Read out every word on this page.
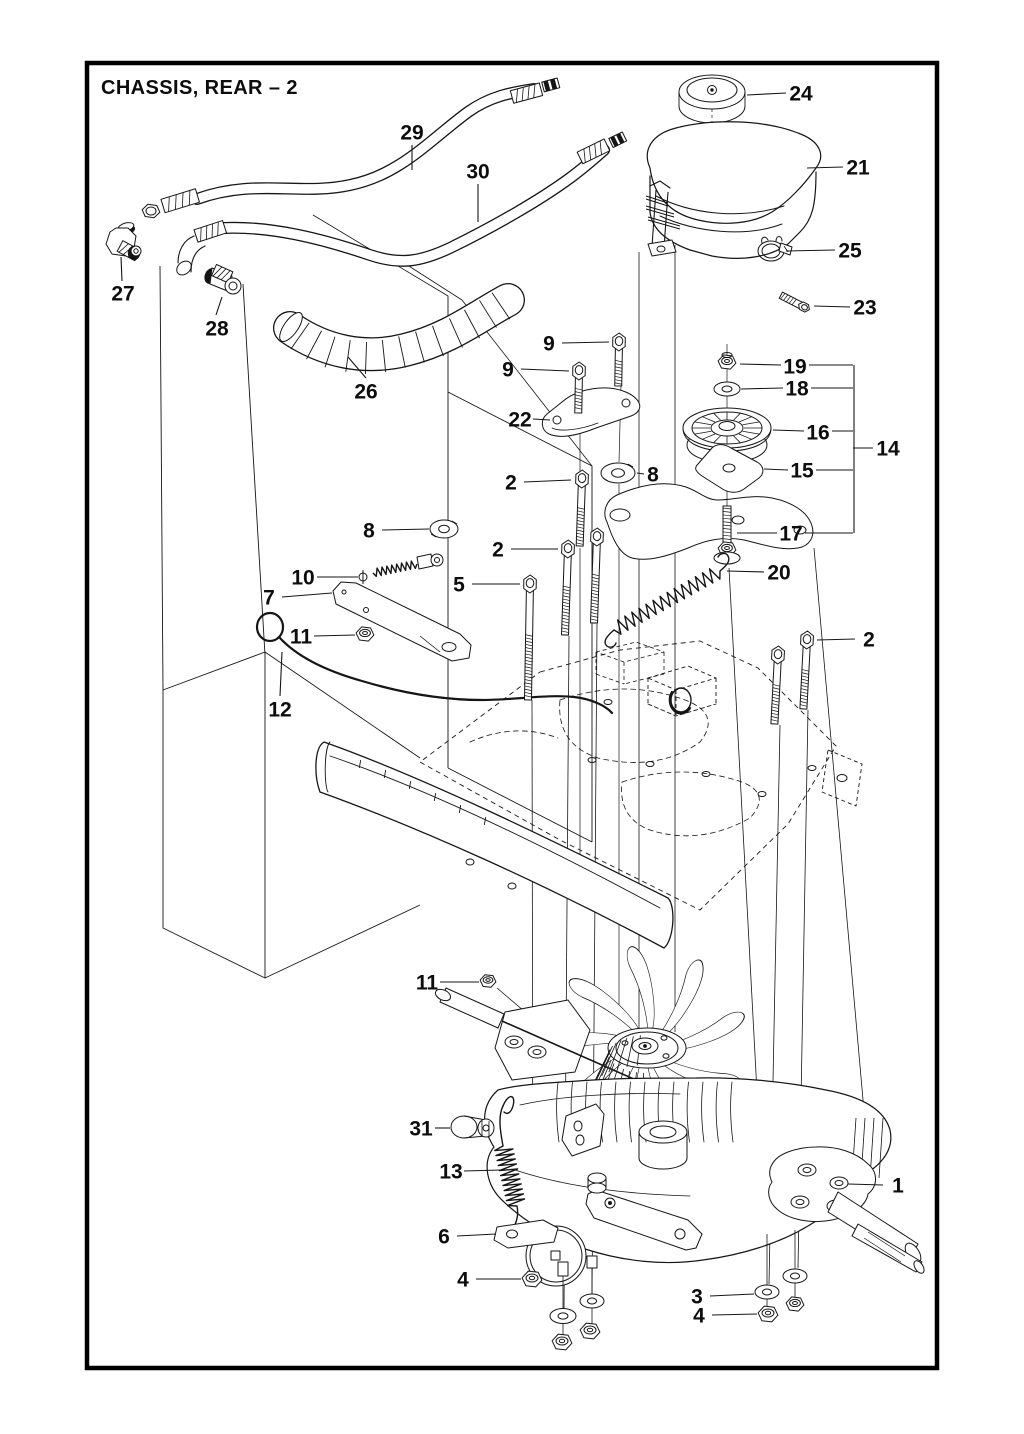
CHASSIS, REAR – 2
29
30
24
21
25
23
27
28
26
9
9
22
19
18
16
15
17
14
8
2
2
8
10
7
5
11
12
2
20
11
31
13
6
4
1
3
4
